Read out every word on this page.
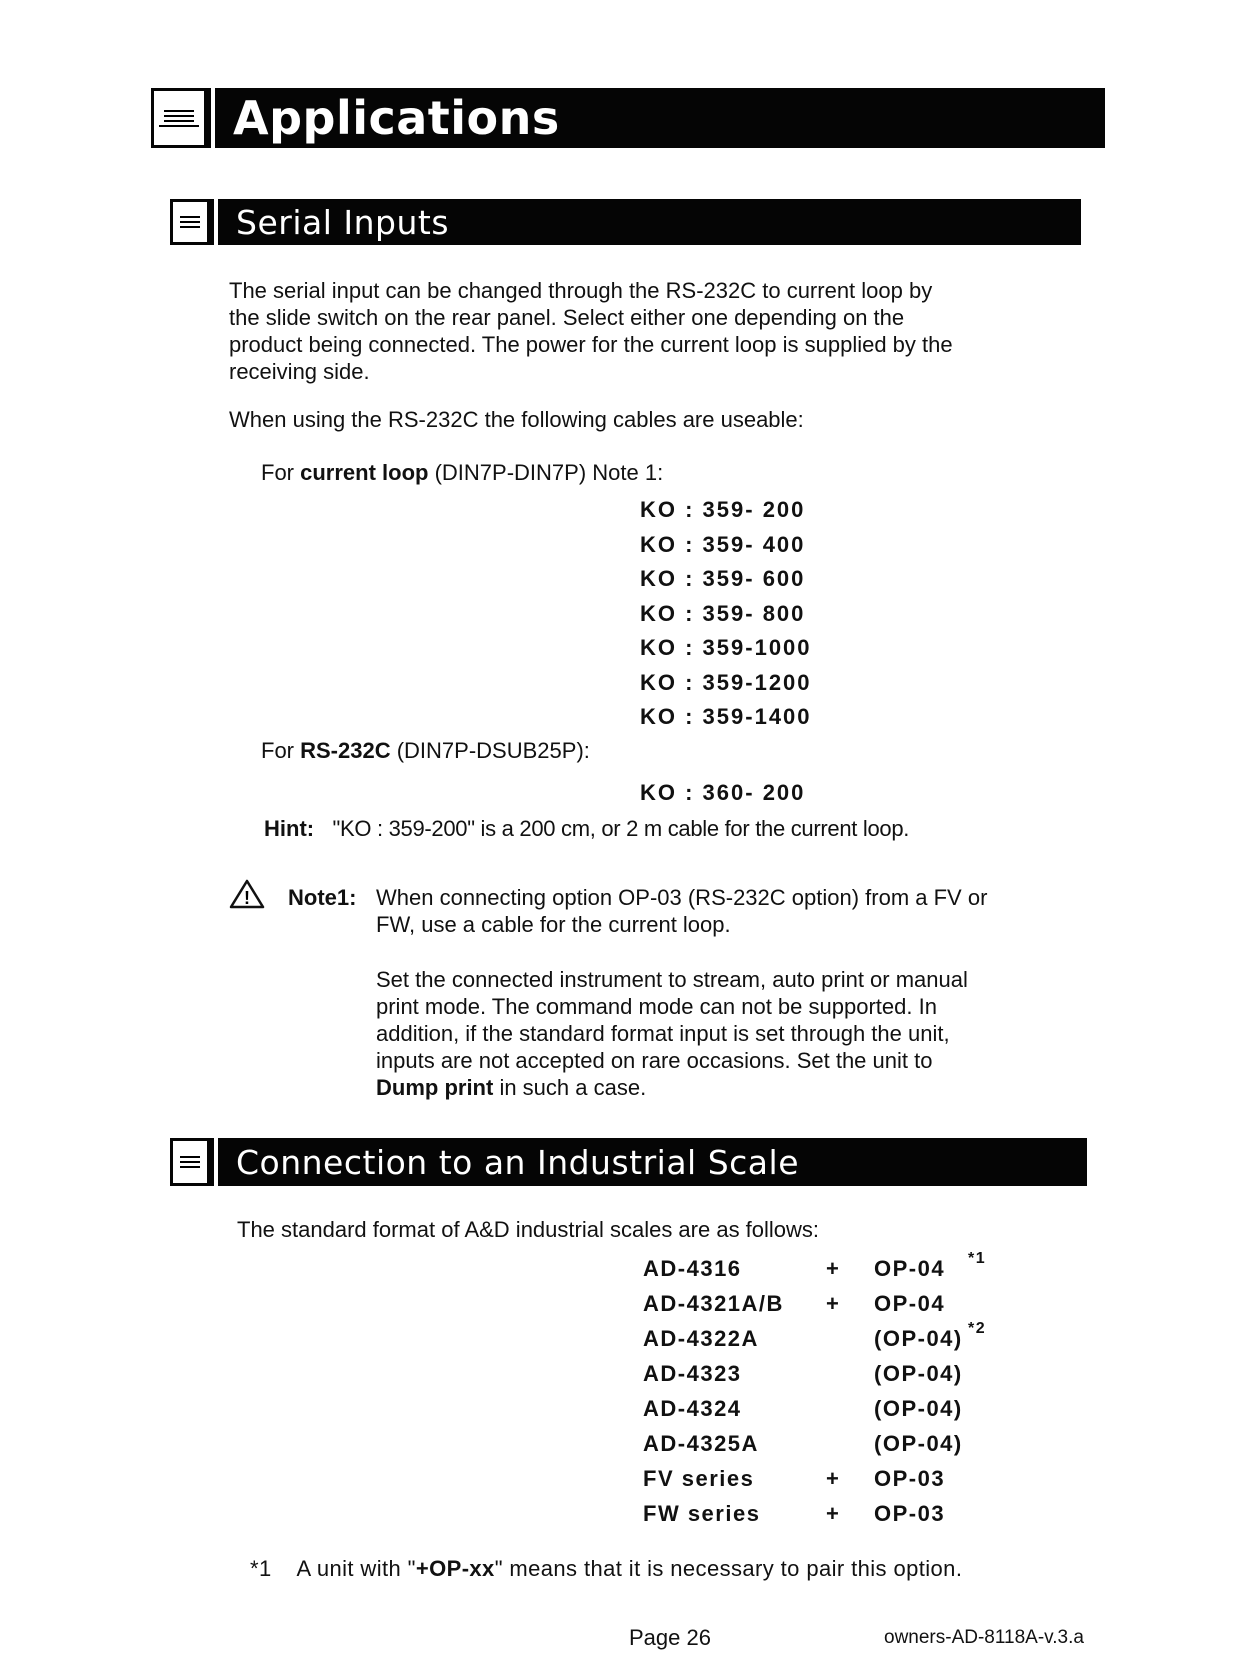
Applications
Serial Inputs
The serial input can be changed through the RS-232C to current loop by
the slide switch on the rear panel. Select either one depending on the
product being connected. The power for the current loop is supplied by the
receiving side.
When using the RS-232C the following cables are useable:
For current loop (DIN7P-DIN7P) Note 1:
KO : 359- 200
KO : 359- 400
KO : 359- 600
KO : 359- 800
KO : 359-1000
KO : 359-1200
KO : 359-1400
For RS-232C (DIN7P-DSUB25P):
KO : 360- 200
Hint: "KO : 359-200" is a 200 cm, or 2 m cable for the current loop.
! Note1: When connecting option OP-03 (RS-232C option) from a FV or
FW, use a cable for the current loop.
Set the connected instrument to stream, auto print or manual
print mode. The command mode can not be supported. In
addition, if the standard format input is set through the unit,
inputs are not accepted on rare occasions. Set the unit to
Dump print in such a case.
Connection to an Industrial Scale
The standard format of A&D industrial scales are as follows:
AD-4316	+ OP-04 *1
AD-4321A/B + OP-04
AD-4322A	(OP-04) *2
AD-4323	(OP-04)
AD-4324	(OP-04)
AD-4325A	(OP-04)
FV series	+ OP-03
FW series	+ OP-03
*1 A unit with "+OP-xx" means that it is necessary to pair this option.
Page 26	owners-AD-8118A-v.3.a
